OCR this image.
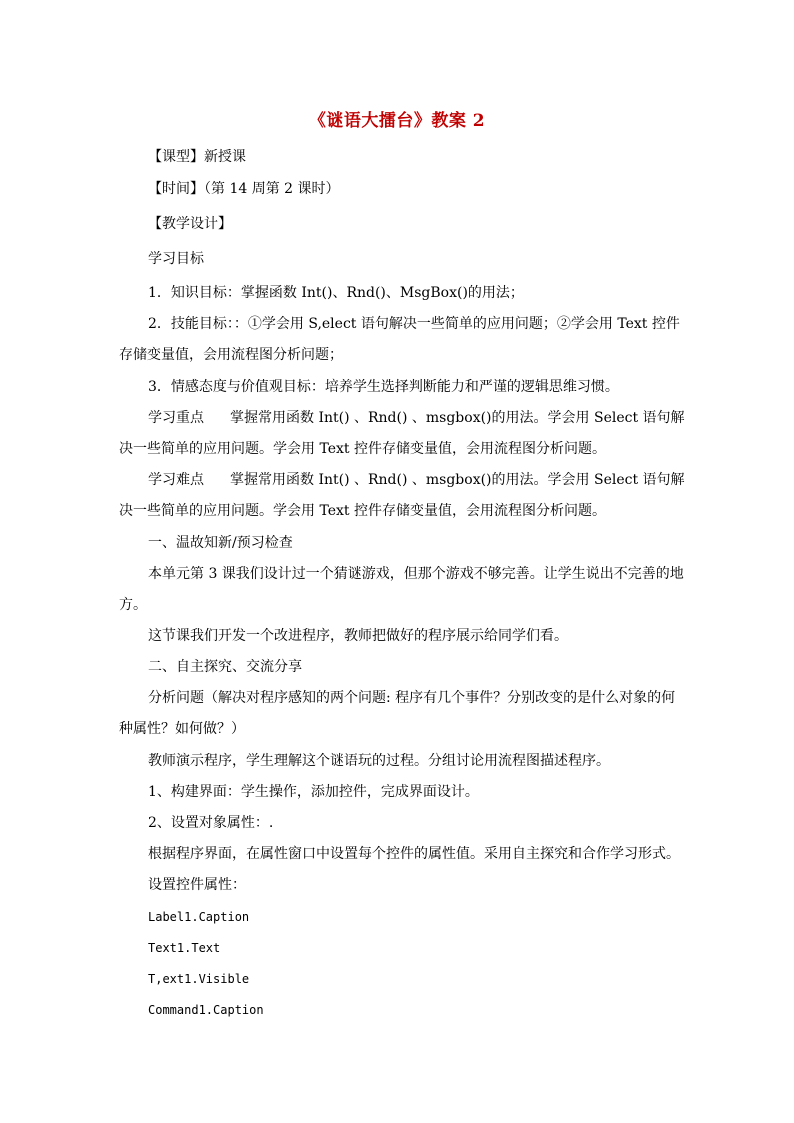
《谜语大擂台》教案 2
【课型】新授课
【时间】（第 14 周第 2 课时）
【教学设计】
学习目标
1．知识目标：掌握函数 Int()、Rnd()、MsgBox()的用法；
2．技能目标：：①学会用 S,elect 语句解决一些简单的应用问题；②学会用 Text 控件
存储变量值，会用流程图分析问题；
3．情感态度与价值观目标：培养学生选择判断能力和严谨的逻辑思维习惯。
学习重点 掌握常用函数 Int() 、Rnd() 、msgbox()的用法。学会用 Select 语句解
决一些简单的应用问题。学会用 Text 控件存储变量值，会用流程图分析问题。
学习难点 掌握常用函数 Int() 、Rnd() 、msgbox()的用法。学会用 Select 语句解
决一些简单的应用问题。学会用 Text 控件存储变量值，会用流程图分析问题。
一、温故知新/预习检查
本单元第 3 课我们设计过一个猜谜游戏，但那个游戏不够完善。让学生说出不完善的地
方。
这节课我们开发一个改进程序，教师把做好的程序展示给同学们看。
二、自主探究、交流分享
分析问题（解决对程序感知的两个问题: 程序有几个事件？分别改变的是什么对象的何
种属性？如何做？）
教师演示程序，学生理解这个谜语玩的过程。分组讨论用流程图描述程序。
1、构建界面：学生操作，添加控件，完成界面设计。
2、设置对象属性：.
根据程序界面，在属性窗口中设置每个控件的属性值。采用自主探究和合作学习形式。
设置控件属性：
Label1.Caption
Text1.Text
T,ext1.Visible
Command1.Caption
